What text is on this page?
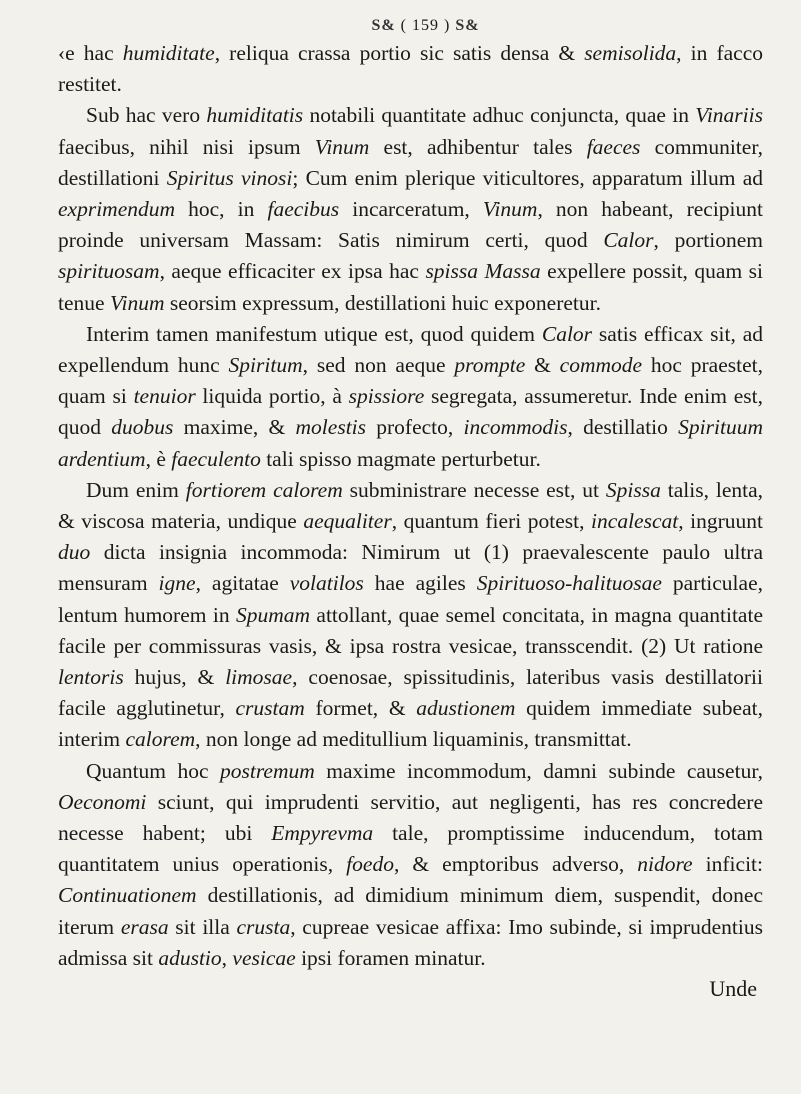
S& ( 159 ) S&

‹e hac humiditate, reliqua crassa portio sic satis densa & semisolida, in facco restitet.

Sub hac vero humiditatis notabili quantitate adhuc conjuncta, quae in Vinariis faecibus, nihil nisi ipsum Vinum est, adhibentur tales faeces communiter, destillationi Spiritus vinosi; Cum enim plerique viticultores, apparatum illum ad exprimendum hoc, in faecibus incarceratum, Vinum, non habeant, recipiunt proinde universam Massam: Satis nimirum certi, quod Calor, portionem spirituosam, aeque efficaciter ex ipsa hac spissa Massa expellere possit, quam si tenue Vinum seorsim expressum, destillationi huic exponeretur.

Interim tamen manifestum utique est, quod quidem Calor satis efficax sit, ad expellendum hunc Spiritum, sed non aeque prompte & commode hoc praestet, quam si tenuior liquida portio, à spissiore segregata, assumeretur. Inde enim est, quod duobus maxime, & molestis profecto, incommodis, destillatio Spirituum ardentium, è faeculento tali spisso magmate perturbetur.

Dum enim fortiorem calorem subministrare necesse est, ut Spissa talis, lenta, & viscosa materia, undique aequaliter, quantum fieri potest, incalescat, ingruunt duo dicta insignia incommoda: Nimirum ut (1) praevalescente paulo ultra mensuram igne, agitatae volatilos hae agiles Spirituoso-halituosae particulae, lentum humorem in Spumam attollant, quae semel concitata, in magna quantitate facile per commissuras vasis, & ipsa rostra vesicae, transscendit. (2) Ut ratione lentoris hujus, & limosae, coenosae, spissitudinis, lateribus vasis destillatorii facile agglutinetur, crustam formet, & adustionem quidem immediate subeat, interim calorem, non longe ad meditullium liquaminis, transmittat.

Quantum hoc postremum maxime incommodum, damni subinde causetur, Oeconomi sciunt, qui imprudenti servitio, aut negligenti, has res concredere necesse habent; ubi Empyrevma tale, promptissime inducendum, totam quantitatem unius operationis, foedo, & emptoribus adverso, nidore inficit: Continuationem destillationis, ad dimidium minimum diem, suspendit, donec iterum erasa sit illa crusta, cupreae vesicae affixa: Imo subinde, si imprudentius admissa sit adustio, vesicae ipsi foramen minatur.

Unde
